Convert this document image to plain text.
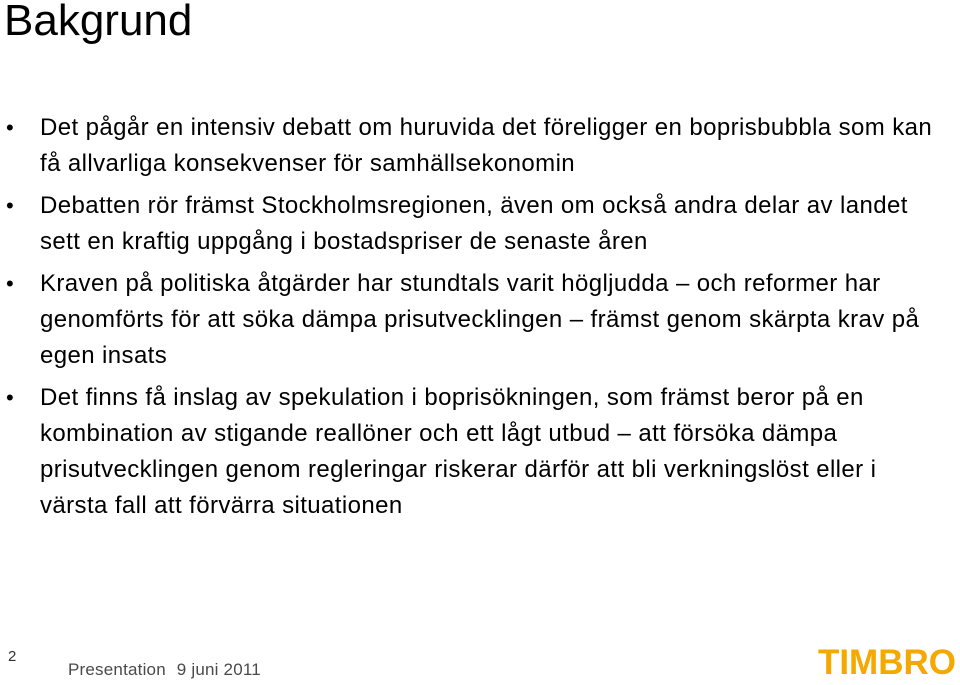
Bakgrund
• Det pågår en intensiv debatt om huruvida det föreligger en boprisbubbla som kan få allvarliga konsekvenser för samhällsekonomin
• Debatten rör främst Stockholmsregionen, även om också andra delar av landet sett en kraftig uppgång i bostadspriser de senaste åren
• Kraven på politiska åtgärder har stundtals varit högljudda – och reformer har genomförts för att söka dämpa prisutvecklingen – främst genom skärpta krav på egen insats
• Det finns få inslag av spekulation i boprisökningen, som främst beror på en kombination av stigande reallöner och ett lågt utbud – att försöka dämpa prisutvecklingen genom regleringar riskerar därför att bli verkningslöst eller i värsta fall att förvärra situationen
2
Presentation 9 juni 2011	TIMBRO
